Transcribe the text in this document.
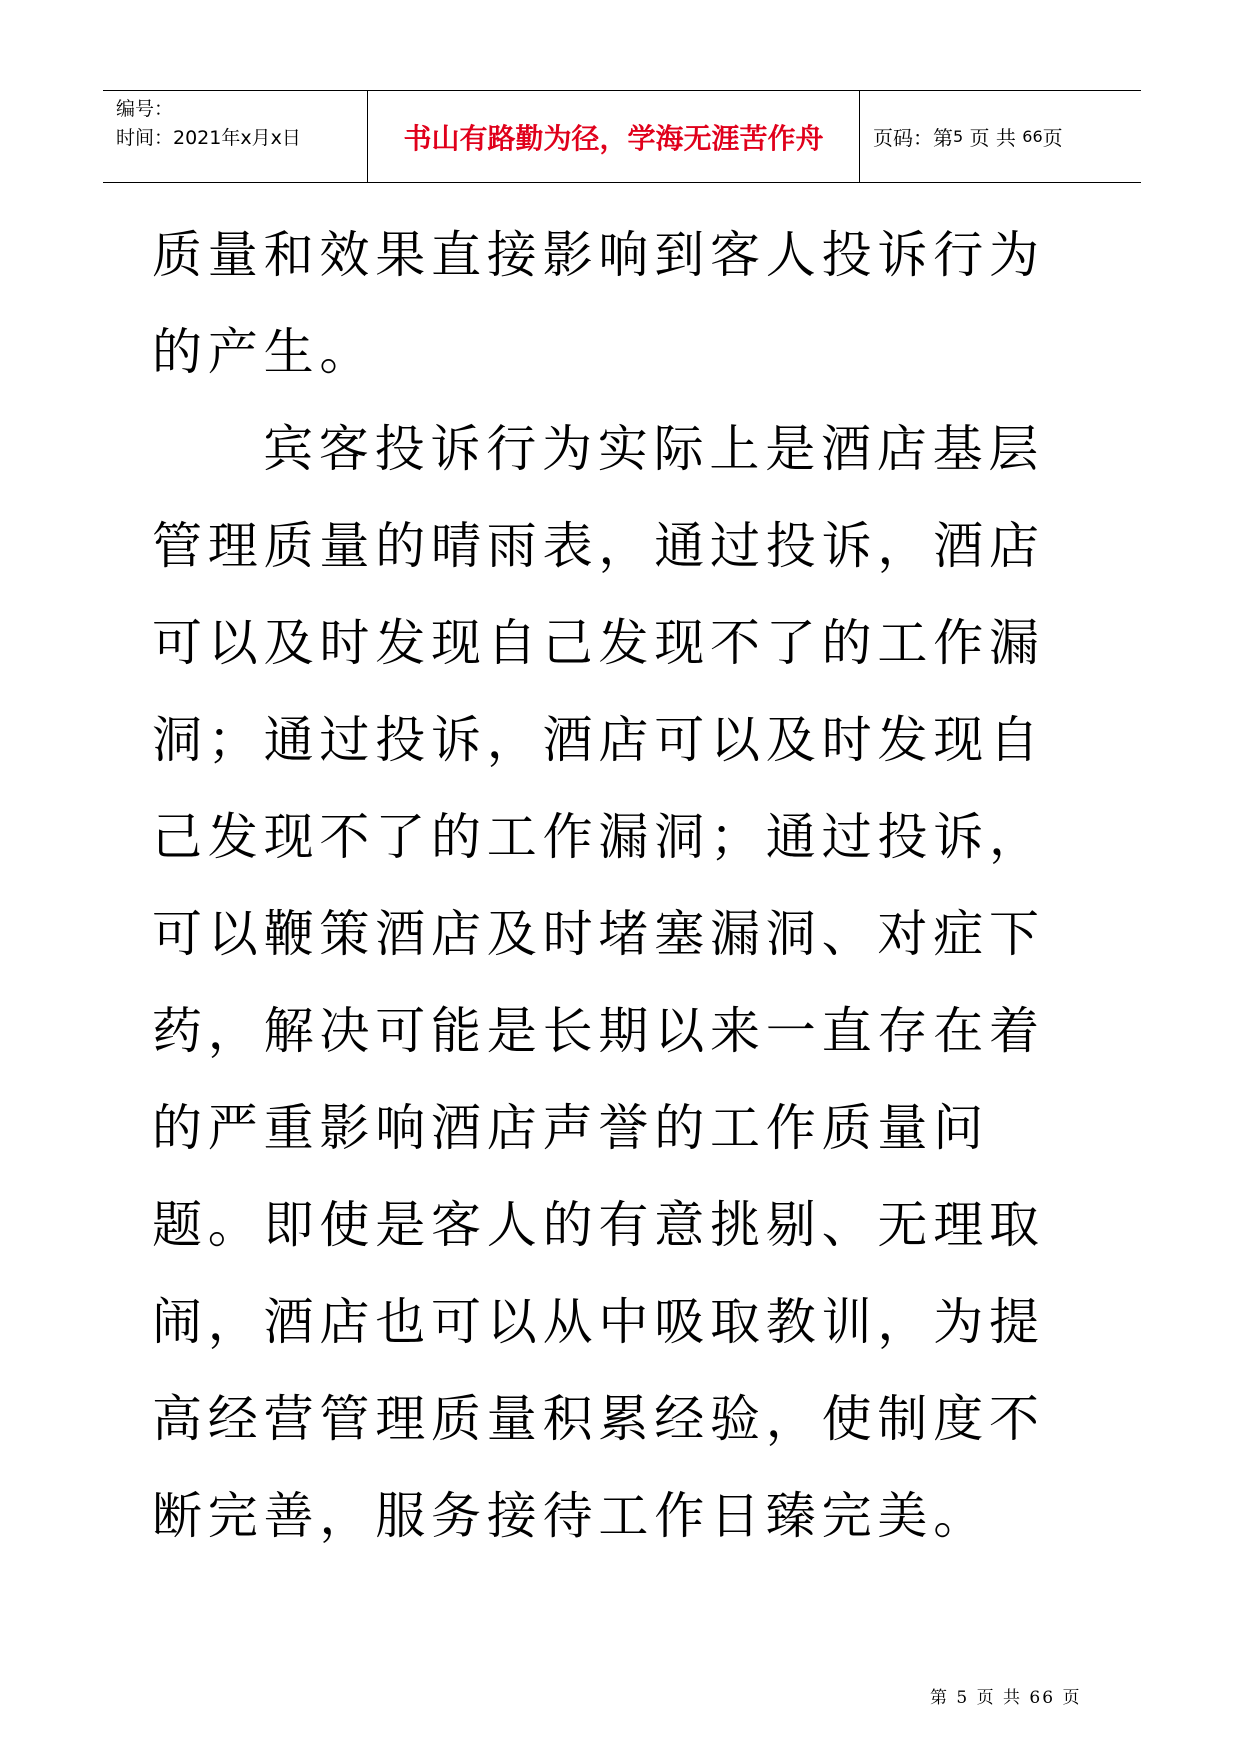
编号：
时间：2021年x月x日	书山有路勤为径，学海无涯苦作舟 页码：第 5
页 共
66 页

质量和效果直接影响到客人投诉行为的产生。

宾客投诉行为实际上是酒店基层管理质量的晴雨表，通过投诉，酒店可以及时发现自己发现不了的工作漏洞；通过投诉，酒店可以及时发现自己发现不了的工作漏洞；通过投诉，可以鞭策酒店及时堵塞漏洞、对症下药，解决可能是长期以来一直存在着的严重影响酒店声誉的工作质量问题。即使是客人的有意挑剔、无理取闹，酒店也可以从中吸取教训，为提高经营管理质量积累经验，使制度不断完善，服务接待工作日臻完美。

第 5 页 共 66 页
